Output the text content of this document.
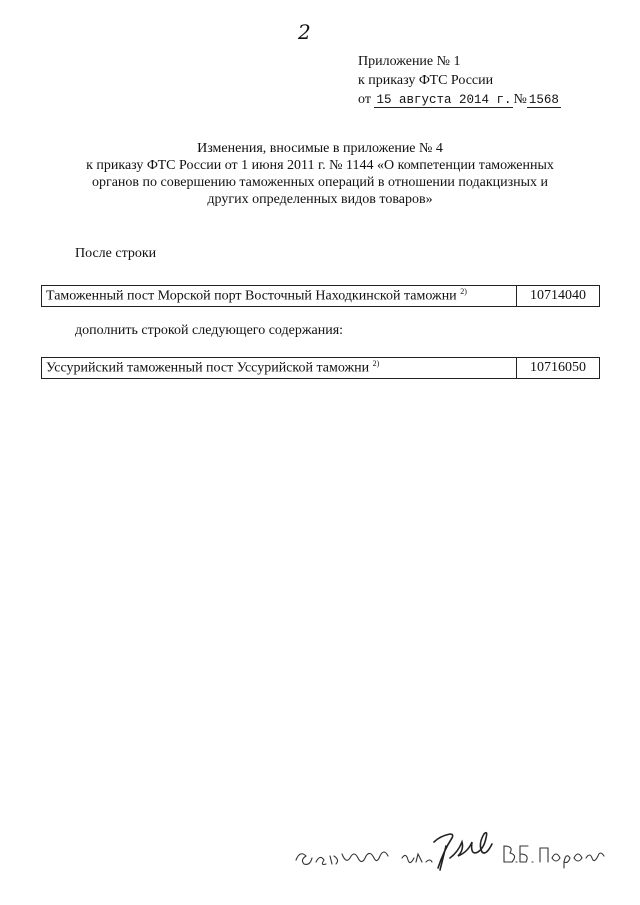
2
Приложение № 1
к приказу ФТС России
от 15 августа 2014 г. № 1568
Изменения, вносимые в приложение № 4
к приказу ФТС России от 1 июня 2011 г. № 1144 «О компетенции таможенных
органов по совершению таможенных операций в отношении подакцизных и
других определенных видов товаров»
После строки
Таможенный пост Морской порт Восточный Находкинской таможни $^{2)}$	10714040
дополнить строкой следующего содержания:
Уссурийский таможенный пост Уссурийской таможни $^{2)}$	10716050
